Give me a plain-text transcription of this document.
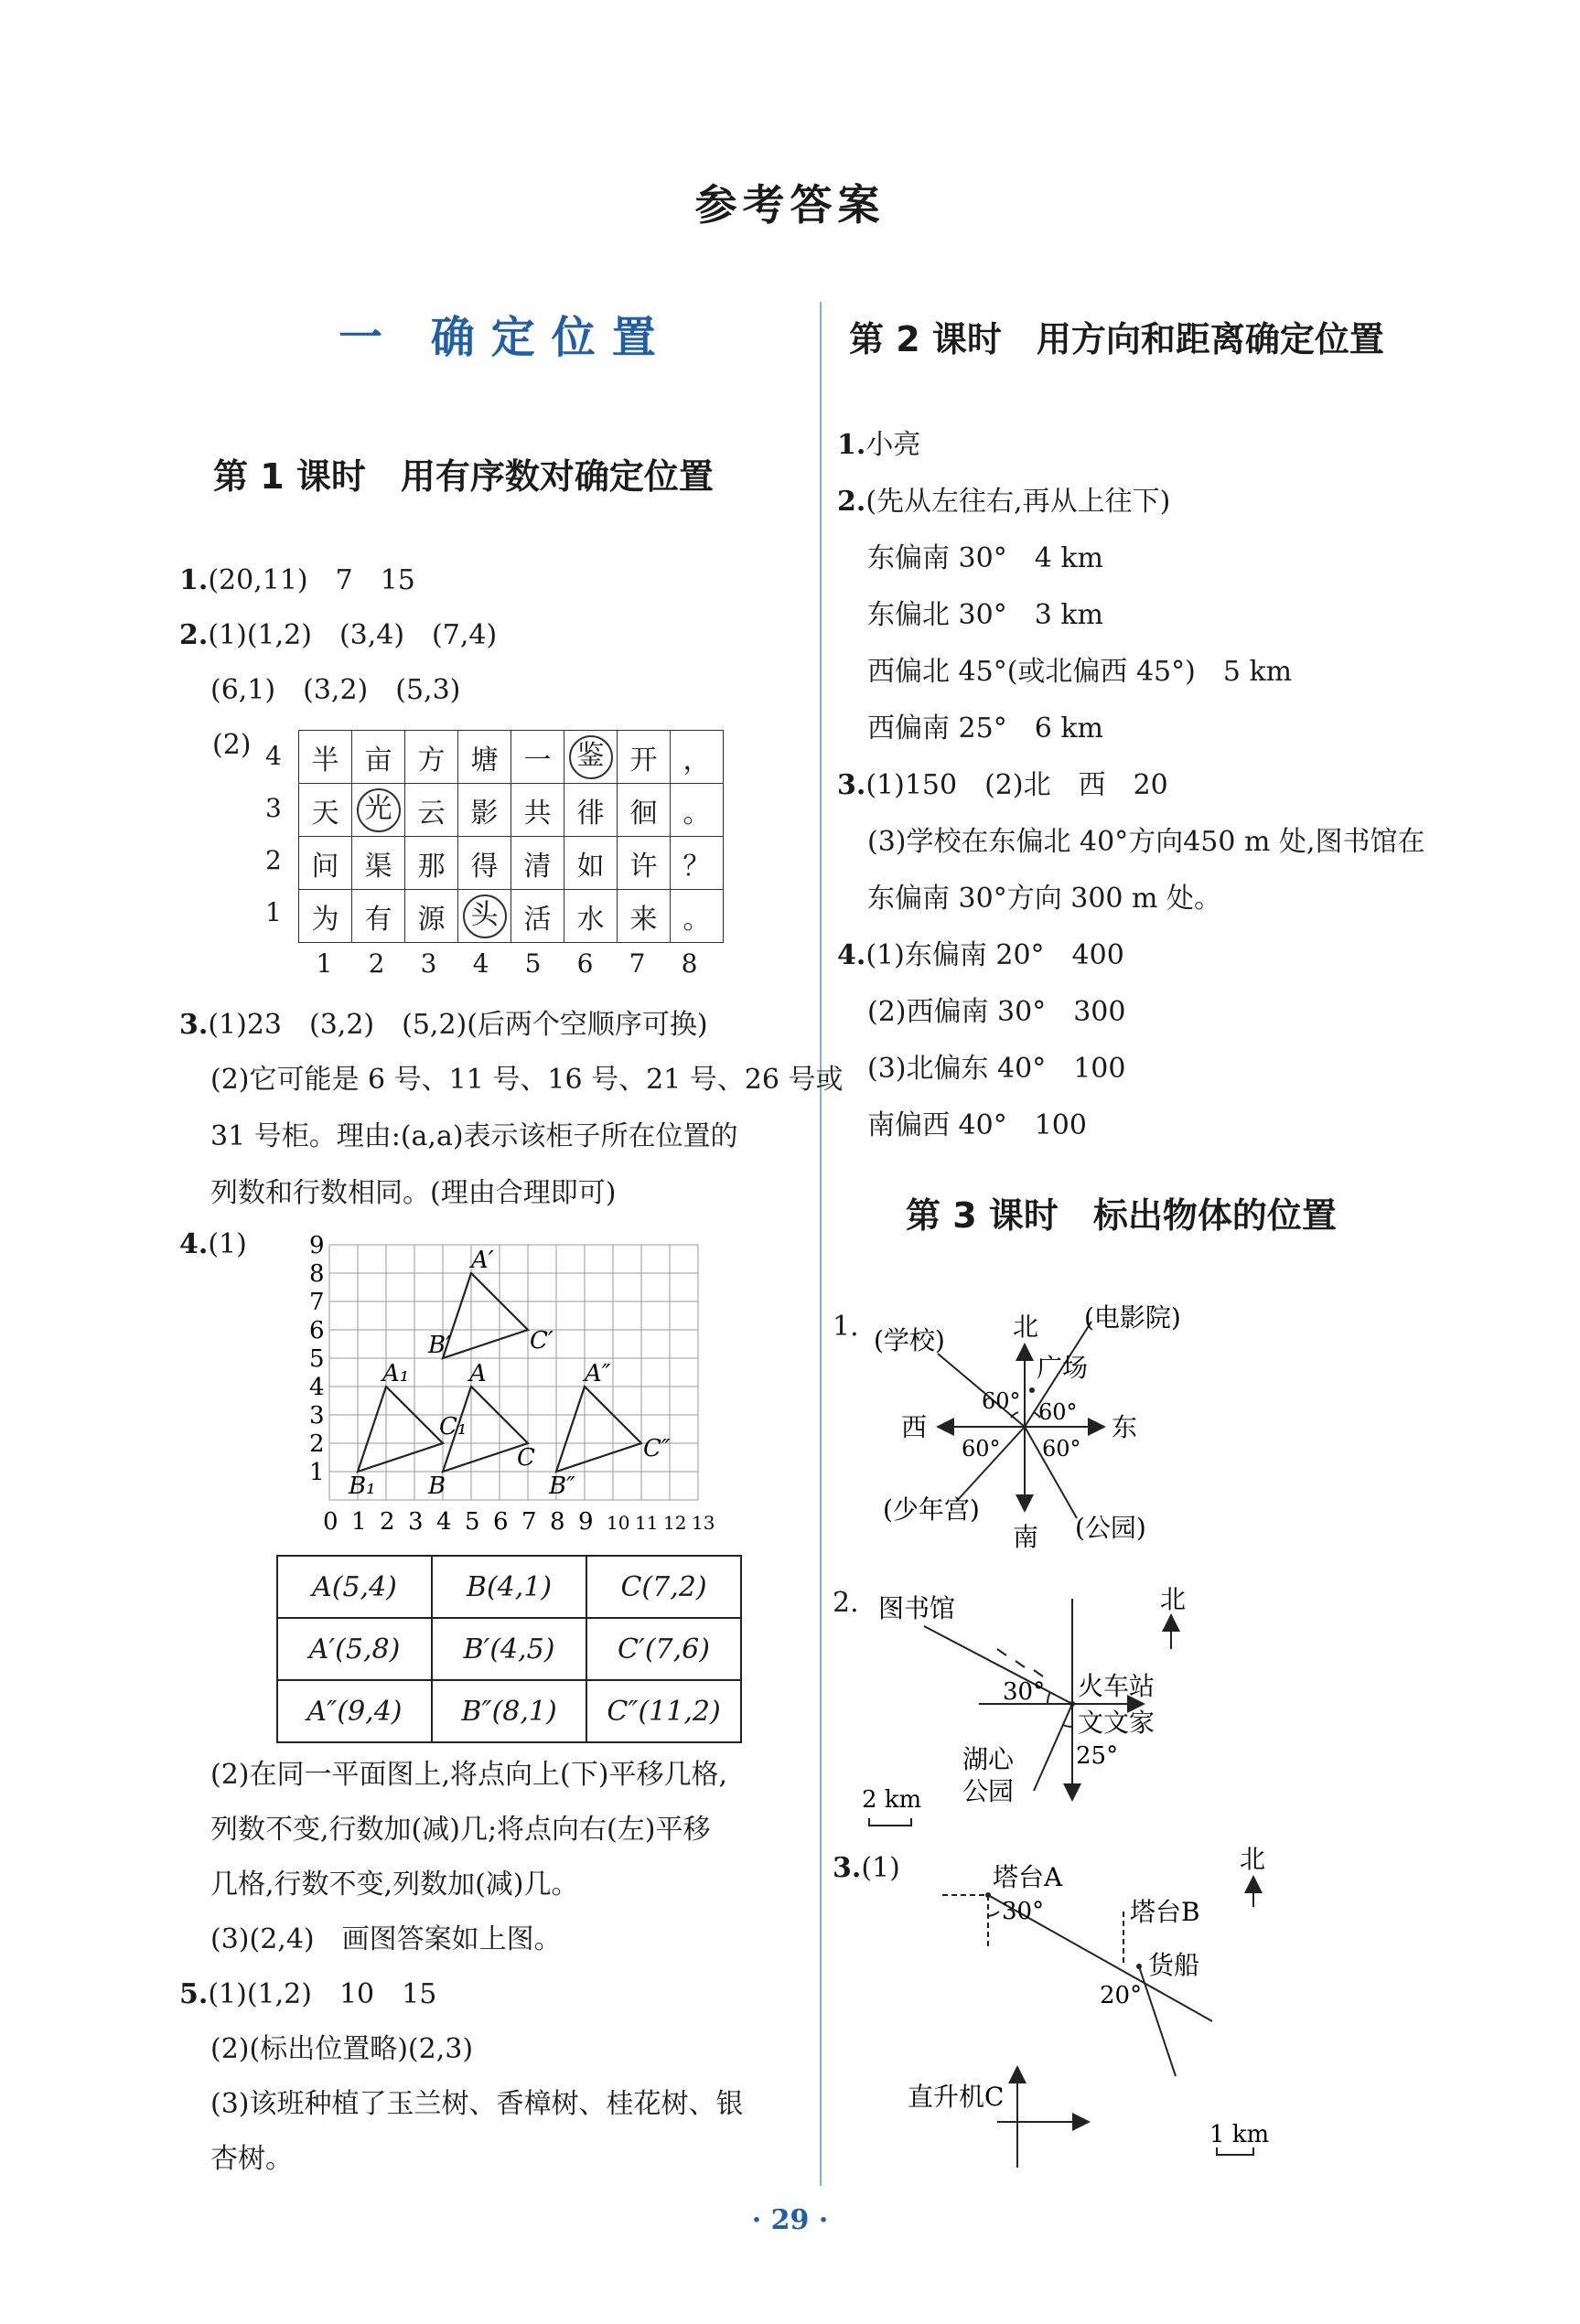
参考答案
一 确定位置
第 1 课时　用有序数对确定位置
1.(20,11)　7　15
2.(1)(1,2)　(3,4)　(7,4)
(6,1)　(3,2)　(5,3)
(2) 4
3
2
1
半	亩	方	塘	一	鉴	开	，
天	光	云	影	共	徘	徊	。
问	渠	那	得	清	如	许	？
为	有	源	头	活	水	来	。
1	2	3	4	5	6	7	8
3.(1)23　(3,2)　(5,2)(后两个空顺序可换)
(2)它可能是 6 号、11 号、16 号、21 号、26 号或
31 号柜。理由:(a,a)表示该柜子所在位置的
列数和行数相同。(理由合理即可)
4.(1)	9
8
7
6
5
4
3
2
1
0 1 2 3 4 5 6 7 8 9 10 11 12 13
A
B
C
A′
B′	C′
A″
B″
C″
A₁
B₁
C₁
A(5,4)	B(4,1)	C(7,2)
A′(5,8)	B′(4,5)	C′(7,6)
A″(9,4)	B″(8,1)	C″(11,2)
(2)在同一平面图上,将点向上(下)平移几格,
列数不变,行数加(减)几;将点向右(左)平移
几格,行数不变,列数加(减)几。
(3)(2,4)　画图答案如上图。
5.(1)(1,2)　10　15
(2)(标出位置略)(2,3)
(3)该班种植了玉兰树、香樟树、桂花树、银
杏树。
第 2 课时　用方向和距离确定位置
1.小亮
2.(先从左往右,再从上往下)
东偏南 30°　4 km
东偏北 30°　3 km
西偏北 45°(或北偏西 45°)　5 km
西偏南 25°　6 km
3.(1)150　(2)北　西　20
(3)学校在东偏北 40°方向450 m 处,图书馆在
东偏南 30°方向 300 m 处。
4.(1)东偏南 20°　400
(2)西偏南 30°　300
(3)北偏东 40°　100
南偏西 40°　100
第 3 课时　标出物体的位置
1.	北
南
东
西
(学校)
(电影院)
广场
(少年宫)
(公园)
60° 60°
60° 60°
2. 图书馆	北
火车站
文文家
湖心
公园
30°
25°
2 km
3.(1)	塔台A
塔台B
货船
直升机C
北
30°
20°
1 km
· 29 ·
